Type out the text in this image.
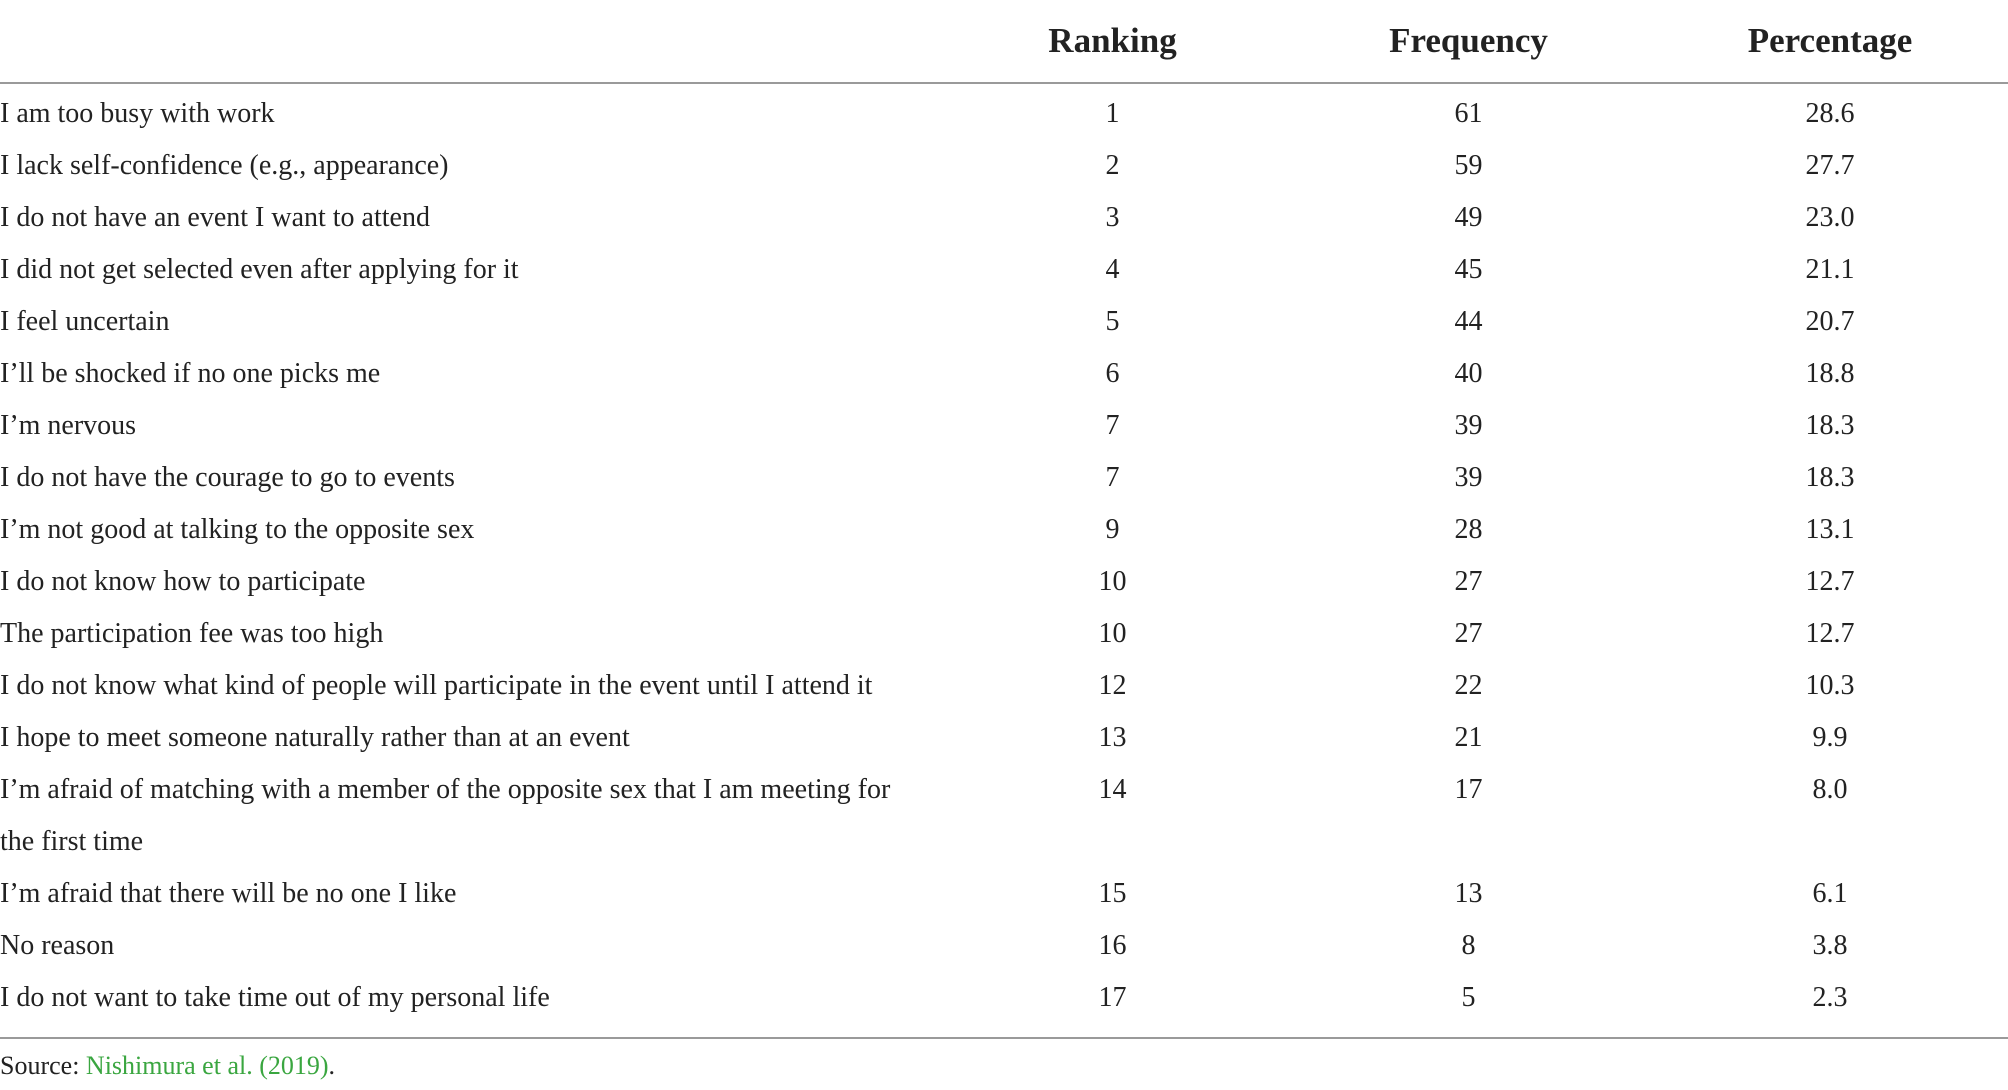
	Ranking	Frequency	Percentage
I am too busy with work	1	61	28.6
I lack self-confidence (e.g., appearance)	2	59	27.7
I do not have an event I want to attend	3	49	23.0
I did not get selected even after applying for it	4	45	21.1
I feel uncertain	5	44	20.7
I’ll be shocked if no one picks me	6	40	18.8
I’m nervous	7	39	18.3
I do not have the courage to go to events	7	39	18.3
I’m not good at talking to the opposite sex	9	28	13.1
I do not know how to participate	10	27	12.7
The participation fee was too high	10	27	12.7
I do not know what kind of people will participate in the event until I attend it	12	22	10.3
I hope to meet someone naturally rather than at an event	13	21	9.9
I’m afraid of matching with a member of the opposite sex that I am meeting for the first time	14	17	8.0
I’m afraid that there will be no one I like	15	13	6.1
No reason	16	8	3.8
I do not want to take time out of my personal life	17	5	2.3
Source: Nishimura et al. (2019).
